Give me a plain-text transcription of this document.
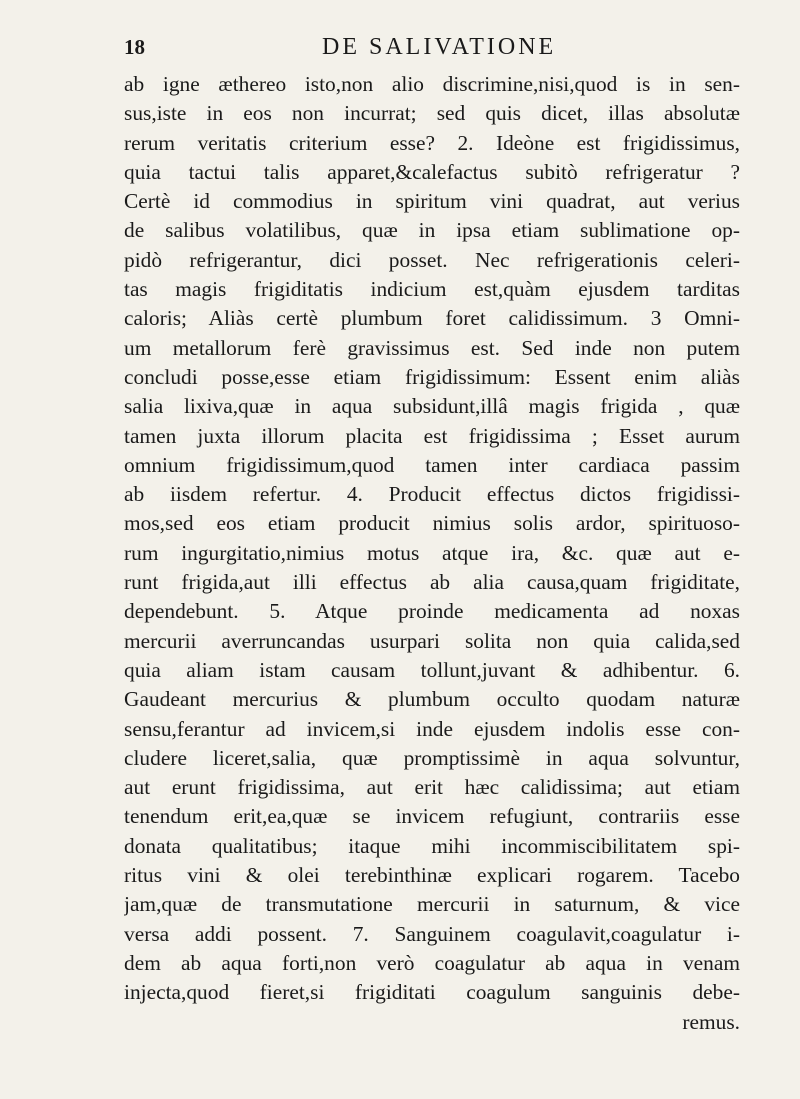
18	DE SALIVATIONE
ab igne æthereo isto,non alio discrimine,nisi,quod is in sen-
sus,iste in eos non incurrat; sed quis dicet, illas absolutæ
rerum veritatis criterium esse? 2. Ideòne est frigidissimus,
quia tactui talis apparet,&calefactus subitò refrigeratur ?
Certè id commodius in spiritum vini quadrat, aut verius
de salibus volatilibus, quæ in ipsa etiam sublimatione op-
pidò refrigerantur, dici posset. Nec refrigerationis celeri-
tas magis frigiditatis indicium est,quàm ejusdem tarditas
caloris; Aliàs certè plumbum foret calidissimum. 3 Omni-
um metallorum ferè gravissimus est. Sed inde non putem
concludi posse,esse etiam frigidissimum: Essent enim aliàs
salia lixiva,quæ in aqua subsidunt,illâ magis frigida , quæ
tamen juxta illorum placita est frigidissima ; Esset aurum
omnium frigidissimum,quod tamen inter cardiaca passim
ab iisdem refertur. 4. Producit effectus dictos frigidissi-
mos,sed eos etiam producit nimius solis ardor, spirituoso-
rum ingurgitatio,nimius motus atque ira, &c. quæ aut e-
runt frigida,aut illi effectus ab alia causa,quam frigiditate,
dependebunt. 5. Atque proinde medicamenta ad noxas
mercurii averruncandas usurpari solita non quia calida,sed
quia aliam istam causam tollunt,juvant & adhibentur. 6.
Gaudeant mercurius & plumbum occulto quodam naturæ
sensu,ferantur ad invicem,si inde ejusdem indolis esse con-
cludere liceret,salia, quæ promptissimè in aqua solvuntur,
aut erunt frigidissima, aut erit hæc calidissima; aut etiam
tenendum erit,ea,quæ se invicem refugiunt, contrariis esse
donata qualitatibus; itaque mihi incommiscibilitatem spi-
ritus vini & olei terebinthinæ explicari rogarem. Tacebo
jam,quæ de transmutatione mercurii in saturnum, & vice
versa addi possent. 7. Sanguinem coagulavit,coagulatur i-
dem ab aqua forti,non verò coagulatur ab aqua in venam
injecta,quod fieret,si frigiditati coagulum sanguinis debe-
remus.
